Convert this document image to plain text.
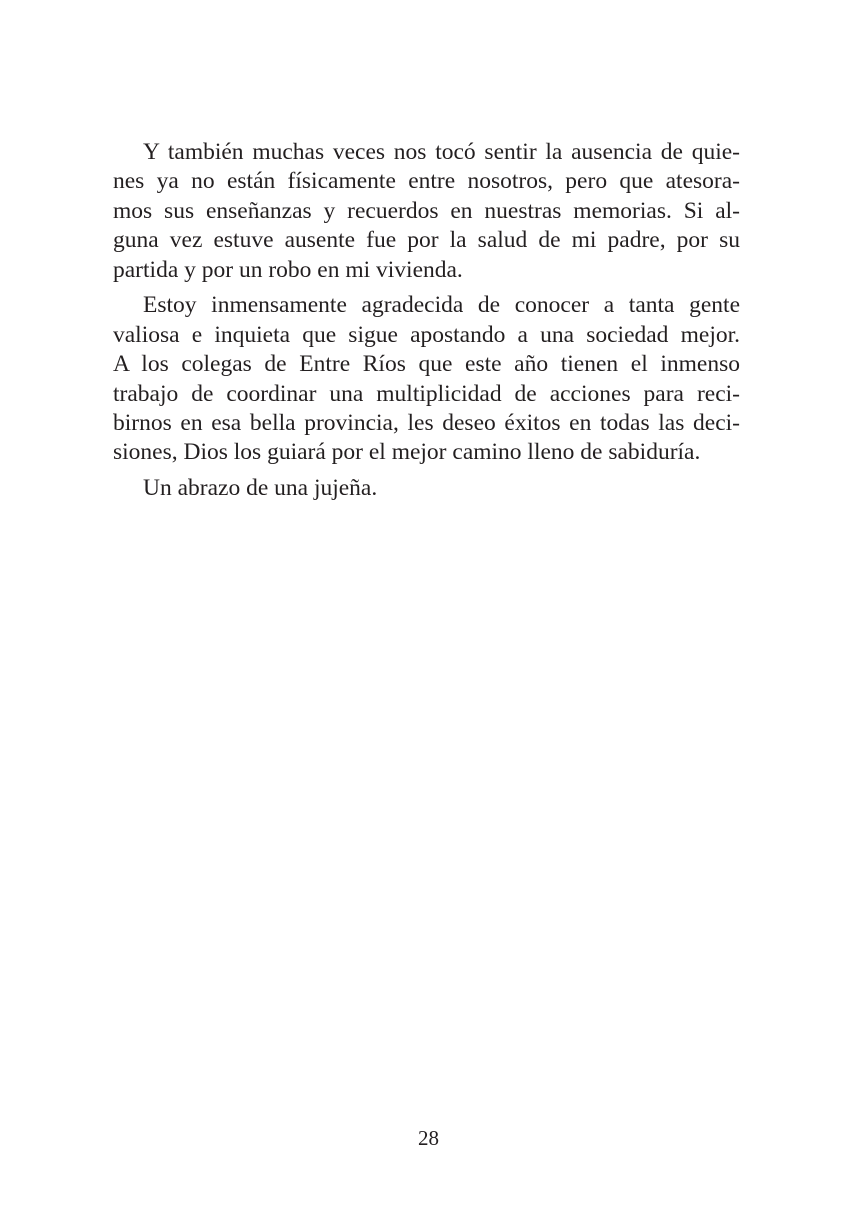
Y también muchas veces nos tocó sentir la ausencia de quie-
nes ya no están físicamente entre nosotros, pero que atesora-
mos sus enseñanzas y recuerdos en nuestras memorias. Si al-
guna vez estuve ausente fue por la salud de mi padre, por su
partida y por un robo en mi vivienda.
Estoy inmensamente agradecida de conocer a tanta gente
valiosa e inquieta que sigue apostando a una sociedad mejor.
A los colegas de Entre Ríos que este año tienen el inmenso
trabajo de coordinar una multiplicidad de acciones para reci-
birnos en esa bella provincia, les deseo éxitos en todas las deci-
siones, Dios los guiará por el mejor camino lleno de sabiduría.
Un abrazo de una jujeña.
28
